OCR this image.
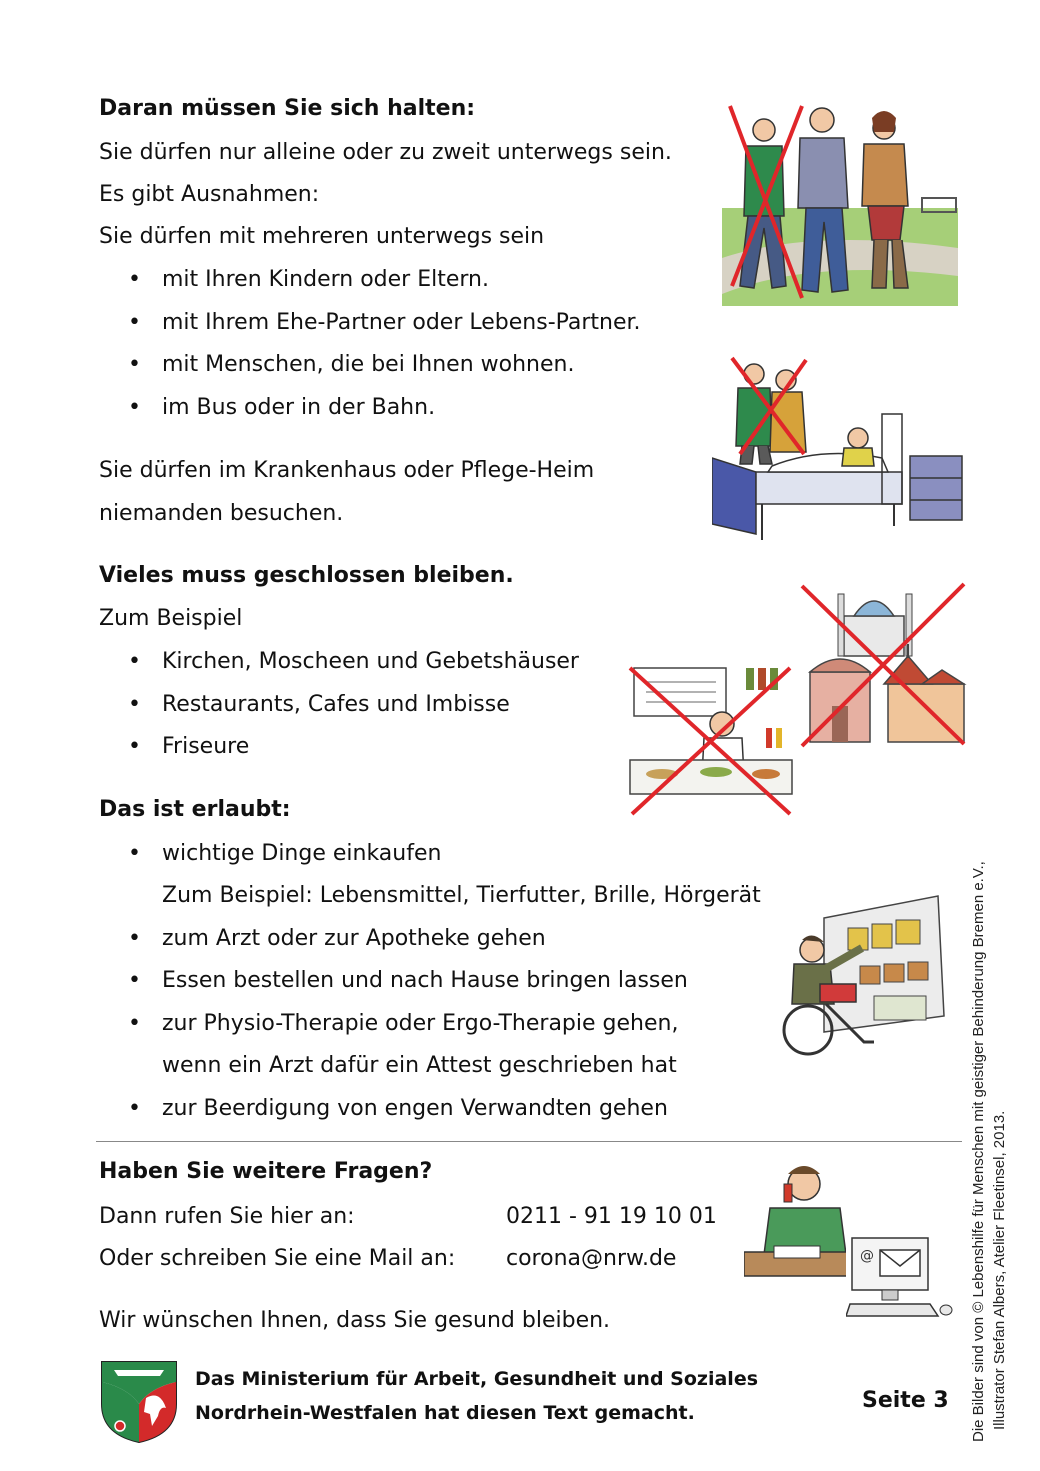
Daran müssen Sie sich halten:

Sie dürfen nur alleine oder zu zweit unterwegs sein.

Es gibt Ausnahmen:

Sie dürfen mit mehreren unterwegs sein

• mit Ihren Kindern oder Eltern.

• mit Ihrem Ehe-Partner oder Lebens-Partner.

• mit Menschen, die bei Ihnen wohnen.

• im Bus oder in der Bahn.

Sie dürfen im Krankenhaus oder Pflege-Heim

niemanden besuchen.

Vieles muss geschlossen bleiben.

Zum Beispiel

• Kirchen, Moscheen und Gebetshäuser

• Restaurants, Cafes und Imbisse

• Friseure

Das ist erlaubt:

• wichtige Dinge einkaufen

Zum Beispiel: Lebensmittel, Tierfutter, Brille, Hörgerät

• zum Arzt oder zur Apotheke gehen

• Essen bestellen und nach Hause bringen lassen

• zur Physio-Therapie oder Ergo-Therapie gehen,

wenn ein Arzt dafür ein Attest geschrieben hat

• zur Beerdigung von engen Verwandten gehen

Haben Sie weitere Fragen?

Dann rufen Sie hier an:	0211 - 91 19 10 01

Oder schreiben Sie eine Mail an: corona@nrw.de

Wir wünschen Ihnen, dass Sie gesund bleiben.

@
Das Ministerium für Arbeit, Gesundheit und Soziales
Nordrhein-Westfalen hat diesen Text gemacht.	Seite 3 Die Bilder sind von © Lebenshilfe für Menschen mit geistiger Behinderung Bremen e.V., Illustrator Stefan Albers, Atelier Fleetinsel, 2013.
